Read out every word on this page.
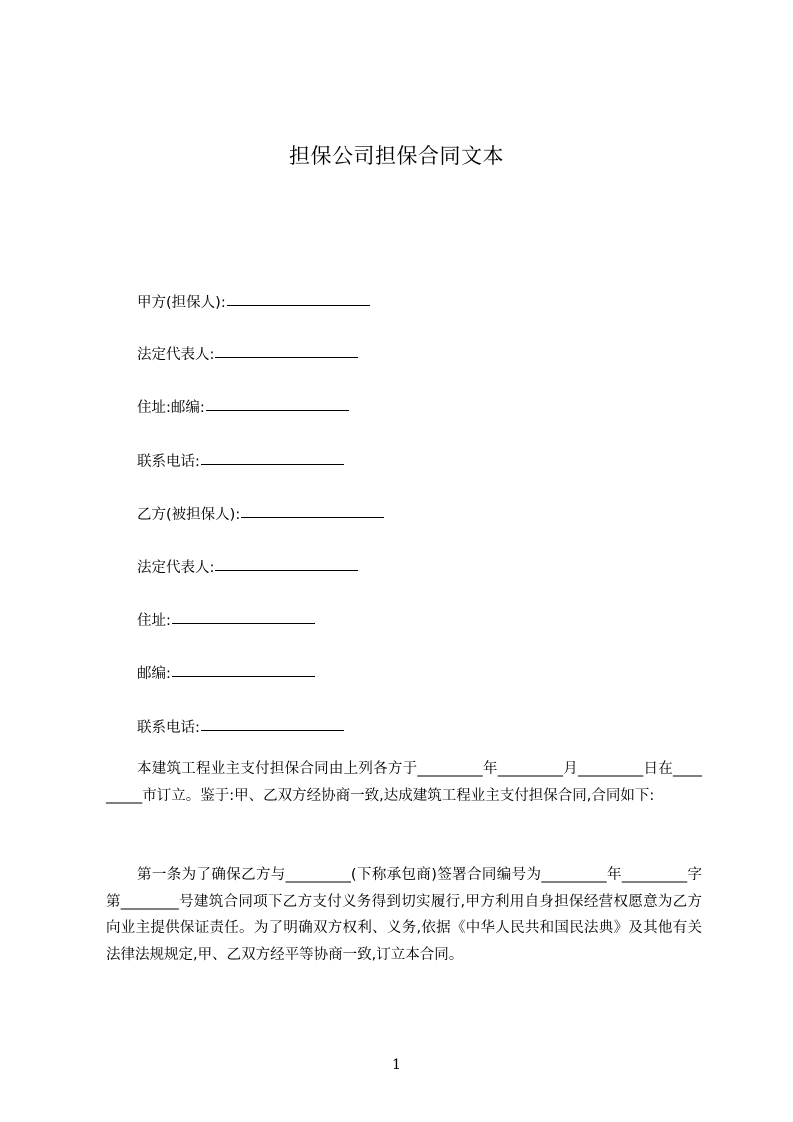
担保公司担保合同文本
甲方(担保人):
法定代表人:
住址:邮编:
联系电话:
乙方(被担保人):
法定代表人:
住址:
邮编:
联系电话:

本建筑工程业主支付担保合同由上列各方于_________年_________月_________日在_________市订立。鉴于:甲、乙双方经协商一致,达成建筑工程业主支付担保合同,合同如下:

第一条为了确保乙方与_________(下称承包商)签署合同编号为_________年_________字第________号建筑合同项下乙方支付义务得到切实履行,甲方利用自身担保经营权愿意为乙方向业主提供保证责任。为了明确双方权利、义务,依据《中华人民共和国民法典》及其他有关法律法规规定,甲、乙双方经平等协商一致,订立本合同。

1
